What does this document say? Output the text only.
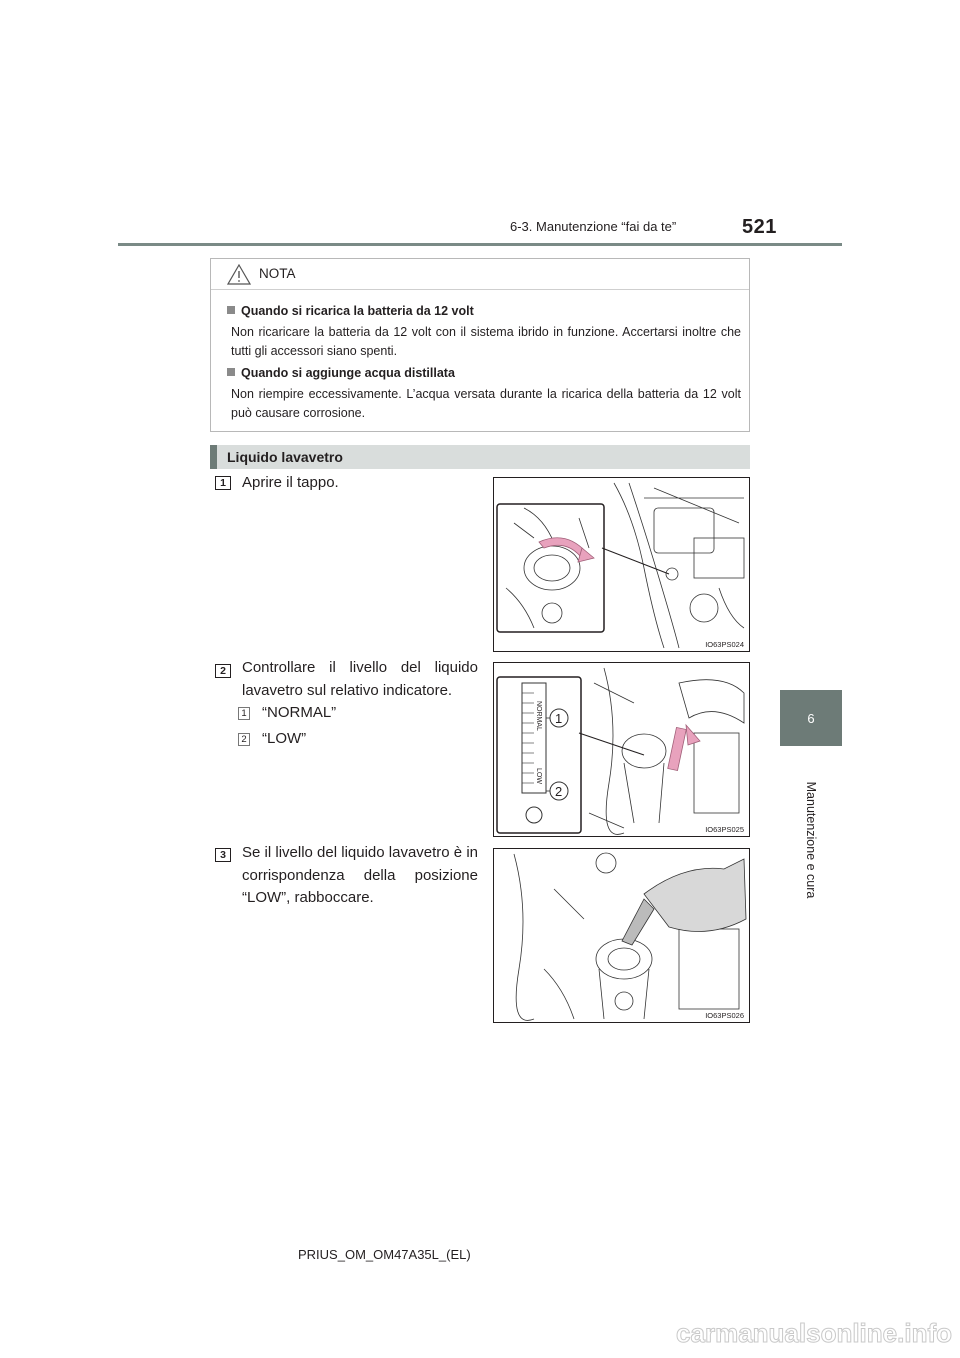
6-3. Manutenzione “fai da te”	521
6
Manutenzione e cura
NOTA
Quando si ricarica la batteria da 12 volt
Non ricaricare la batteria da 12 volt con il sistema ibrido in funzione. Accertarsi inoltre che tutti gli accessori siano spenti.
Quando si aggiunge acqua distillata
Non riempire eccessivamente. L’acqua versata durante la ricarica della batteria da 12 volt può causare corrosione.
Liquido lavavetro
1	Aprire il tappo.
IO63PS024
2	Controllare il livello del liquido lavavetro sul relativo indicatore.
1 “NORMAL”
2 “LOW”
NORMAL
LOW
1
2
IO63PS025
3	Se il livello del liquido lavavetro è in corrispondenza della posizione “LOW”, rabboccare.
IO63PS026
PRIUS_OM_OM47A35L_(EL)
carmanualsonline.info
